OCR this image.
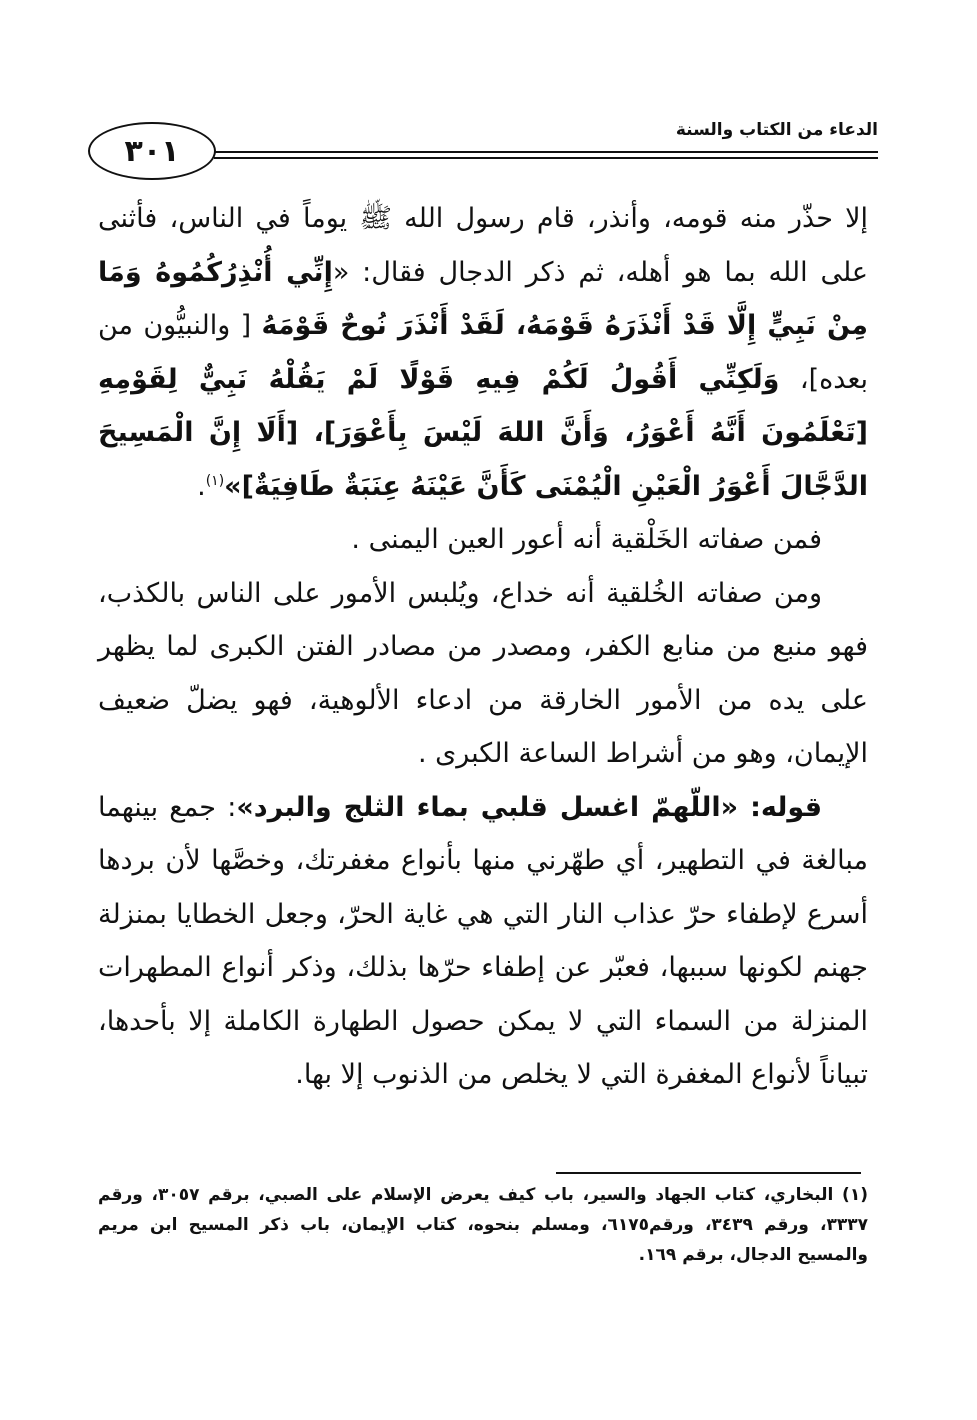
٣٠١
الدعاء من الكتاب والسنة

إلا حذّر منه قومه، وأنذر، قام رسول الله ﷺ يوماً في الناس، فأثنى على الله بما هو أهله، ثم ذكر الدجال فقال: «إِنِّي أُنْذِرُكُمُوهُ وَمَا مِنْ نَبِيٍّ إِلَّا قَدْ أَنْذَرَهُ قَوْمَهُ، لَقَدْ أَنْذَرَ نُوحٌ قَوْمَهُ [ والنبيُّون من بعده]، وَلَكِنِّي أَقُولُ لَكُمْ فِيهِ قَوْلًا لَمْ يَقُلْهُ نَبِيٌّ لِقَوْمِهِ [تَعْلَمُونَ أَنَّهُ أَعْوَرُ، وَأَنَّ اللهَ لَيْسَ بِأَعْوَرَ]، [أَلَا إِنَّ الْمَسِيحَ الدَّجَّالَ أَعْوَرُ الْعَيْنِ الْيُمْنَى كَأَنَّ عَيْنَهُ عِنَبَةٌ طَافِيَةٌ]»$^{(١)}$.

فمن صفاته الخَلْقية أنه أعور العين اليمنى .

ومن صفاته الخُلقية أنه خداع، ويُلبس الأمور على الناس بالكذب، فهو منبع من منابع الكفر، ومصدر من مصادر الفتن الكبرى لما يظهر على يده من الأمور الخارقة من ادعاء الألوهية، فهو يضلّ ضعيف الإيمان، وهو من أشراط الساعة الكبرى .

قوله: «اللّهمّ اغسل قلبي بماء الثلج والبرد»: جمع بينهما مبالغة في التطهير، أي طهّرني منها بأنواع مغفرتك، وخصَّها لأن بردها أسرع لإطفاء حرّ عذاب النار التي هي غاية الحرّ، وجعل الخطايا بمنزلة جهنم لكونها سببها، فعبّر عن إطفاء حرّها بذلك، وذكر أنواع المطهرات المنزلة من السماء التي لا يمكن حصول الطهارة الكاملة إلا بأحدها، تبياناً لأنواع المغفرة التي لا يخلص من الذنوب إلا بها.

(١) البخاري، كتاب الجهاد والسير، باب كيف يعرض الإسلام على الصبي، برقم ٣٠٥٧، ورقم ٣٣٣٧، ورقم ٣٤٣٩، ورقم٦١٧٥، ومسلم بنحوه، كتاب الإيمان، باب ذكر المسيح ابن مريم والمسيح الدجال، برقم ١٦٩.
